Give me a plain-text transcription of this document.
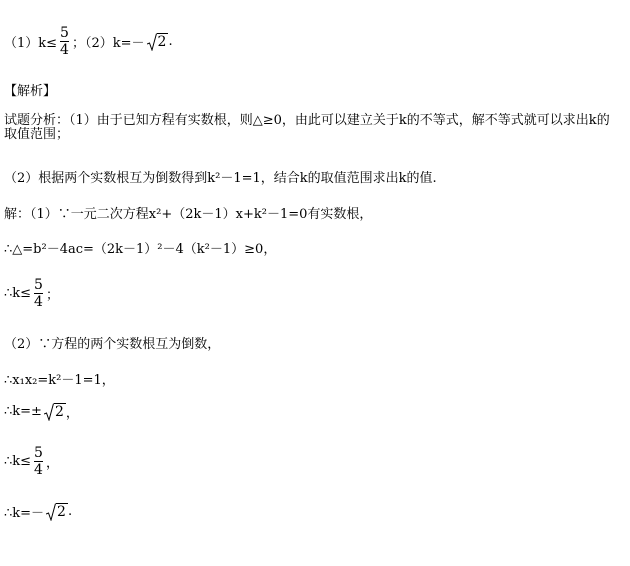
$(1)k\le \frac{5}{4}$ ；（2）k=－ 2 .
【解析】
试题分析：（1）由于已知方程有实数根，则△≥0，由此可以建立关于k的不等式，解不等式就可以求出k的取值范围；
（2）根据两个实数根互为倒数得到k²－1=1，结合k的取值范围求出k的值.
解：（1）∵一元二次方程x²+（2k－1）x+k²－1=0有实数根，
∴△=b²－4ac=（2k－1）²－4（k²－1）≥0，
∴k≤ $\frac{5}{4}$ ；
（2）∵方程的两个实数根互为倒数，
∴x₁x₂=k²－1=1，
∴k=± 2 ，
∴k≤ $\frac{5}{4}$ ，
∴k=－ 2 .
